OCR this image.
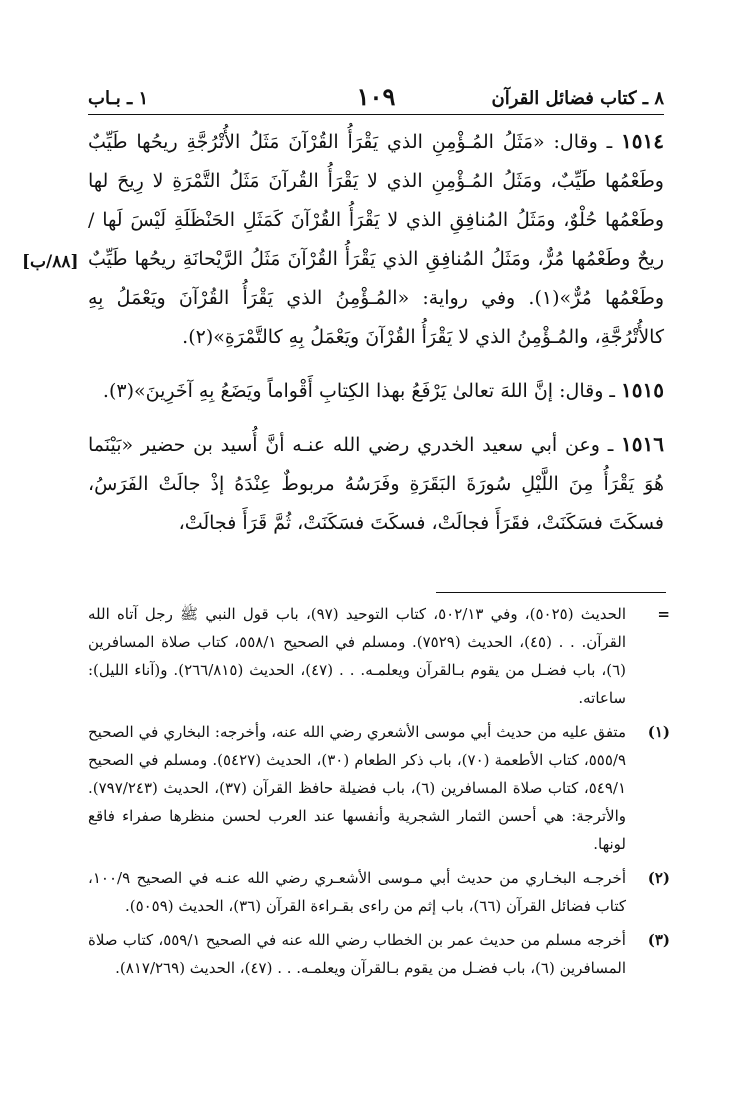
٨ ـ كتاب فضائل القرآن
١٠٩
١ ـ بـاب
[٨٨/ب]

١٥١٤ ـ وقال: «مَثَلُ المُـؤْمِنِ الذي يَقْرَأُ القُرْآنَ مَثَلُ الأُتْرُجَّةِ ريحُها طَيِّبٌ وطَعْمُها طَيِّبٌ، ومَثَلُ المُـؤْمِنِ الذي لا يَقْرَأُ القُرآنَ مَثَلُ التَّمْرَةِ لا رِيحَ لها وطَعْمُها حُلْوٌ، ومَثَلُ المُنافِقِ الذي لا يَقْرَأُ القُرْآنَ كَمَثَلِ الحَنْظَلَةِ لَيْسَ لَها / ريحٌ وطَعْمُها مُرٌّ، ومَثَلُ المُنافِقِ الذي يَقْرَأُ القُرْآنَ مَثَلُ الرَّيْحانَةِ ريحُها طَيِّبٌ وطَعْمُها مُرٌّ»(١). وفي رواية: «المُـؤْمِنُ الذي يَقْرَأُ القُرْآنَ ويَعْمَلُ بِهِ كالأُتْرُجَّةِ، والمُـؤْمِنُ الذي لا يَقْرَأُ القُرْآنَ ويَعْمَلُ بِهِ كالتَّمْرَةِ»(٢).

١٥١٥ ـ وقال: إنَّ اللهَ تعالىٰ يَرْفَعُ بهذا الكِتابِ أَقْواماً ويَضَعُ بِهِ آخَرِينَ»(٣).

١٥١٦ ـ وعن أبي سعيد الخدري رضي الله عنـه أنَّ أُسيد بن حضير «بَيْنَما هُوَ يَقْرَأُ مِنَ اللَّيْلِ سُورَةَ البَقَرَةِ وفَرَسُهُ مربوطٌ عِنْدَهُ إذْ جالَتْ الفَرَسُ، فسكَتَ فسَكَنَتْ، فقَرَأَ فجالَتْ، فسكَتَ فسَكَنَتْ، ثُمَّ قَرَأَ فجالَتْ،

=
الحديث (٥٠٢٥)، وفي ٥٠٢/١٣، كتاب التوحيد (٩٧)، باب قول النبي ﷺ رجل آتاه الله القرآن. . . (٤٥)، الحديث (٧٥٢٩). ومسلم في الصحيح ٥٥٨/١، كتاب صلاة المسافرين (٦)، باب فضـل من يقوم بـالقرآن ويعلمـه. . . (٤٧)، الحديث (٢٦٦/٨١٥). و(آناء الليل): ساعاته.
(١)
متفق عليه من حديث أبي موسى الأشعري رضي الله عنه، وأخرجه: البخاري في الصحيح ٥٥٥/٩، كتاب الأطعمة (٧٠)، باب ذكر الطعام (٣٠)، الحديث (٥٤٢٧). ومسلم في الصحيح ٥٤٩/١، كتاب صلاة المسافرين (٦)، باب فضيلة حافظ القرآن (٣٧)، الحديث (٧٩٧/٢٤٣). والأترجة: هي أحسن الثمار الشجرية وأنفسها عند العرب لحسن منظرها صفراء فاقع لونها.
(٢)
أخرجـه البخـاري من حديث أبي مـوسى الأشعـري رضي الله عنـه في الصحيح ١٠٠/٩، كتاب فضائل القرآن (٦٦)، باب إثم من راءى بقـراءة القرآن (٣٦)، الحديث (٥٠٥٩).
(٣)
أخرجه مسلم من حديث عمر بن الخطاب رضي الله عنه في الصحيح ٥٥٩/١، كتاب صلاة المسافرين (٦)، باب فضـل من يقوم بـالقرآن ويعلمـه. . . (٤٧)، الحديث (٨١٧/٢٦٩).
